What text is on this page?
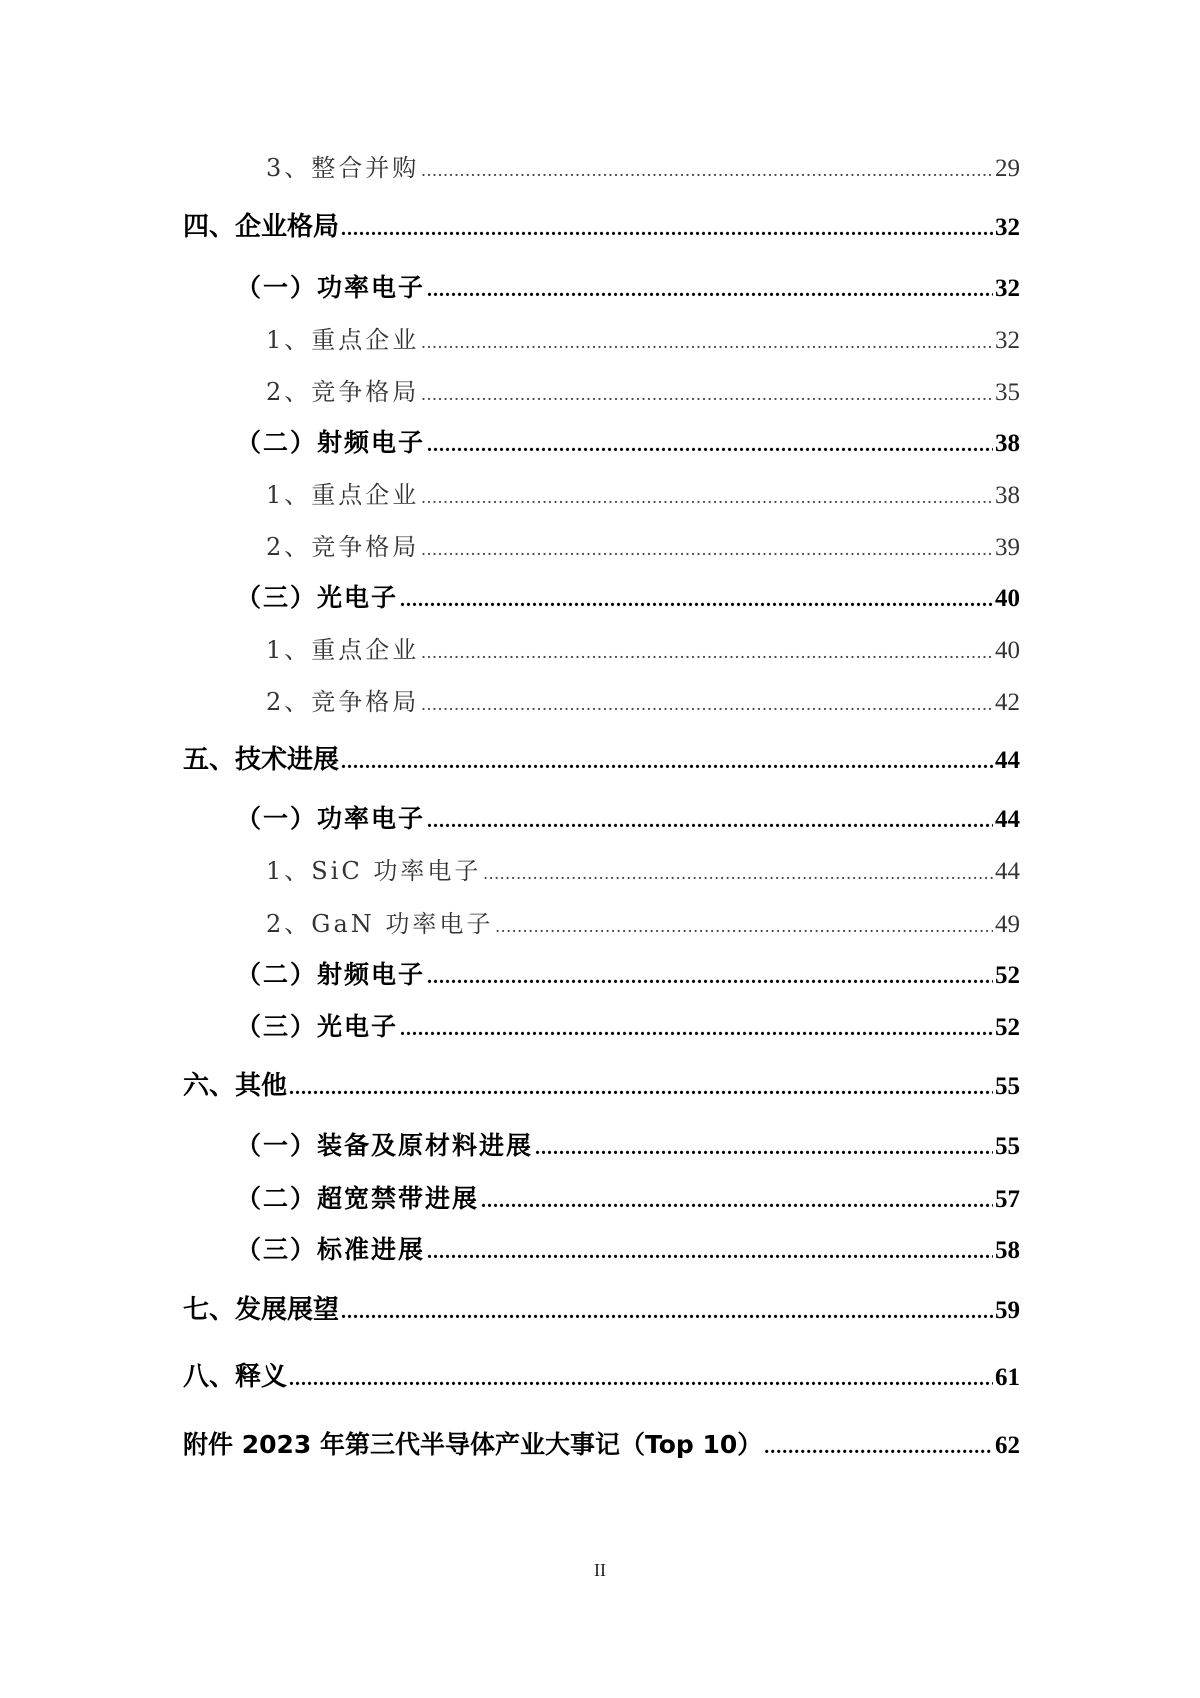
3、整合并购 .....	29
四、企业格局 .....	32
（一）功率电子 .....	32
1、重点企业 .....	32
2、竞争格局 .....	35
（二）射频电子 .....	38
1、重点企业 .....	38
2、竞争格局 .....	39
（三）光电子 .....	40
1、重点企业 .....	40
2、竞争格局 .....	42
五、技术进展 .....	44
（一）功率电子 .....	44
1、SiC 功率电子 .....	44
2、GaN 功率电子 .....	49
（二）射频电子 .....	52
（三）光电子 .....	52
六、其他 .....	55
（一）装备及原材料进展 .....	55
（二）超宽禁带进展 .....	57
（三）标准进展 .....	58
七、发展展望 .....	59
八、释义 .....	61
附件 2023 年第三代半导体产业大事记（Top 10） .....	62
II
